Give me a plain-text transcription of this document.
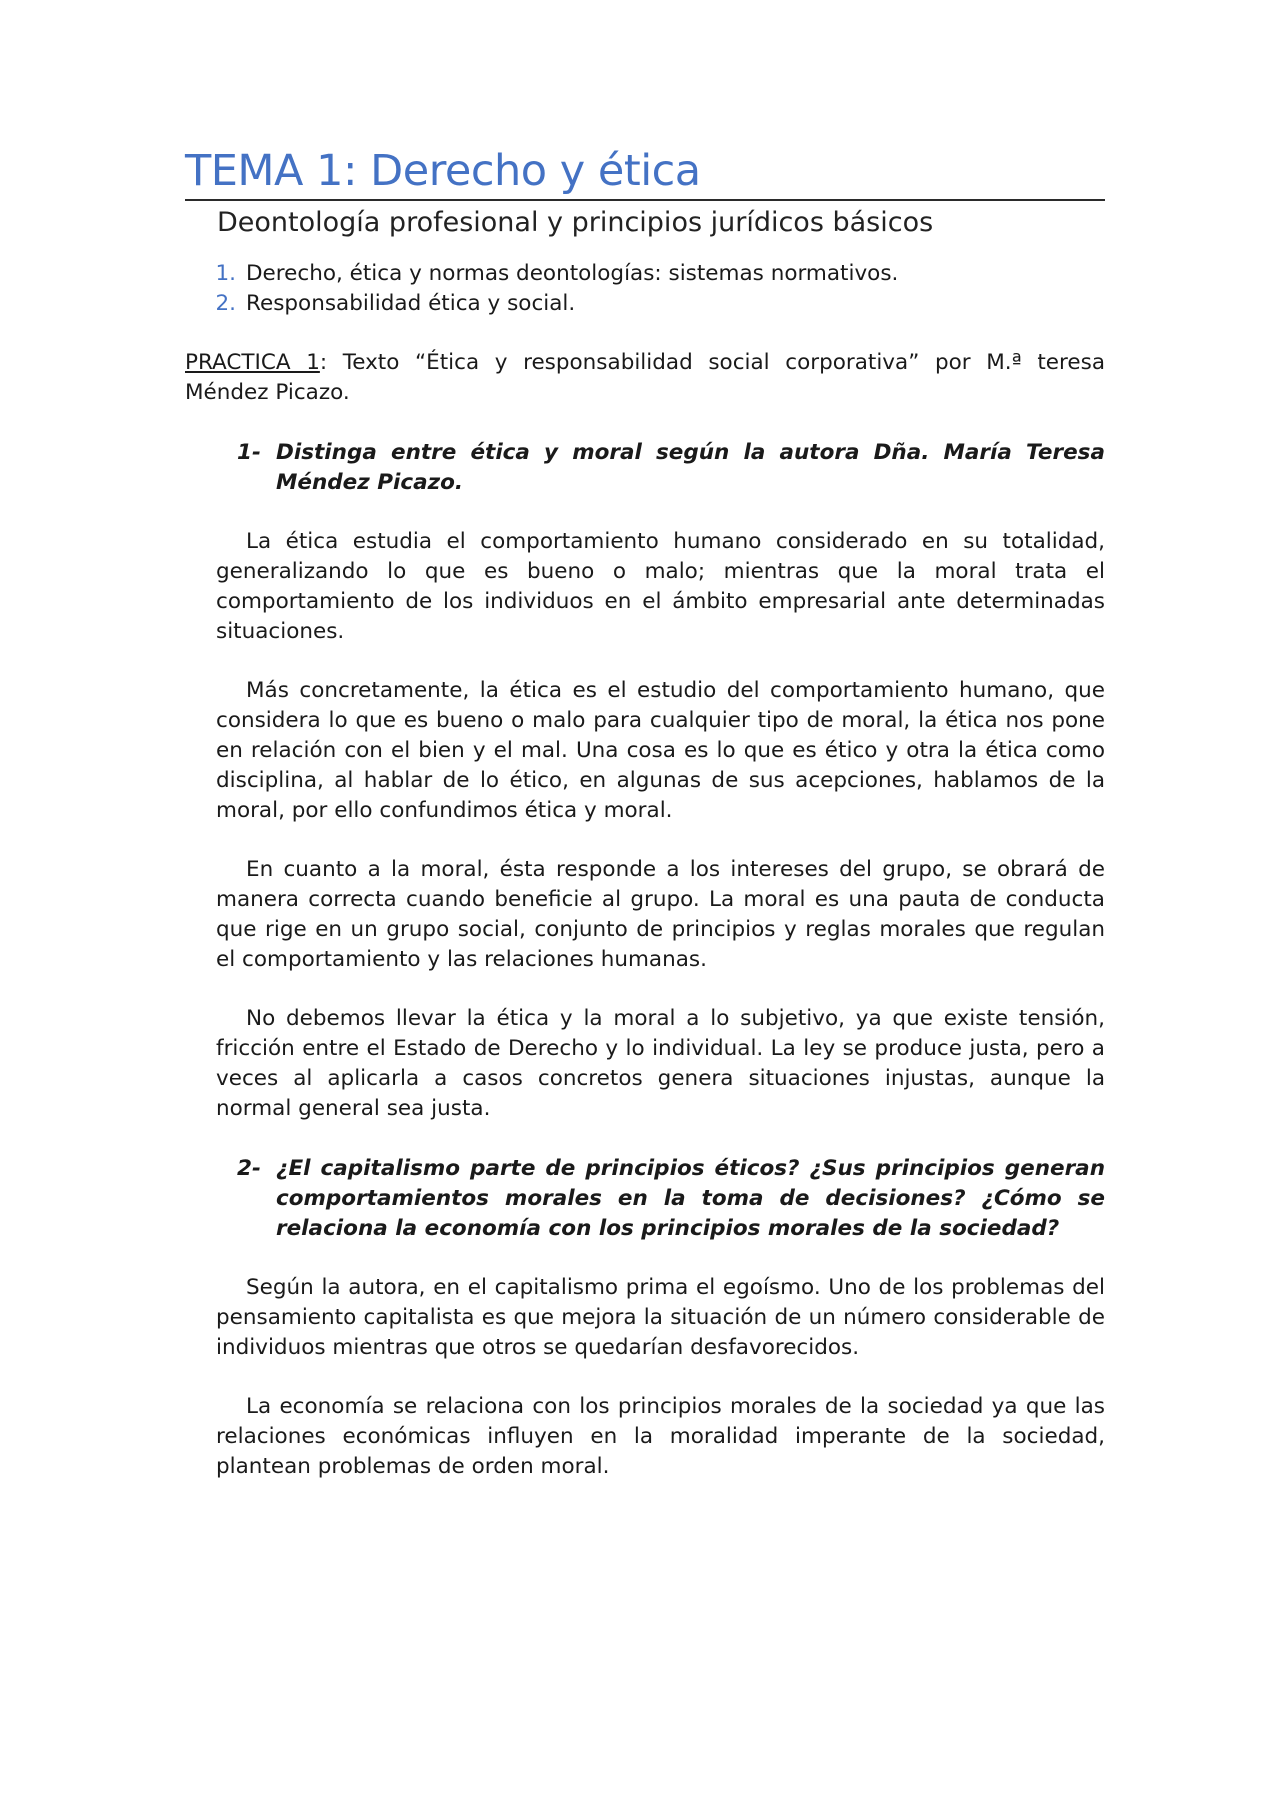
TEMA 1: Derecho y ética
Deontología profesional y principios jurídicos básicos
1. Derecho, ética y normas deontologías: sistemas normativos.
2. Responsabilidad ética y social.

PRACTICA 1: Texto “Ética y responsabilidad social corporativa” por M.ª teresa Méndez Picazo.

1- Distinga entre ética y moral según la autora Dña. María Teresa Méndez Picazo.

La ética estudia el comportamiento humano considerado en su totalidad, generalizando lo que es bueno o malo; mientras que la moral trata el comportamiento de los individuos en el ámbito empresarial ante determinadas situaciones.

Más concretamente, la ética es el estudio del comportamiento humano, que considera lo que es bueno o malo para cualquier tipo de moral, la ética nos pone en relación con el bien y el mal. Una cosa es lo que es ético y otra la ética como disciplina, al hablar de lo ético, en algunas de sus acepciones, hablamos de la moral, por ello confundimos ética y moral.

En cuanto a la moral, ésta responde a los intereses del grupo, se obrará de manera correcta cuando beneficie al grupo. La moral es una pauta de conducta que rige en un grupo social, conjunto de principios y reglas morales que regulan el comportamiento y las relaciones humanas.

No debemos llevar la ética y la moral a lo subjetivo, ya que existe tensión, fricción entre el Estado de Derecho y lo individual. La ley se produce justa, pero a veces al aplicarla a casos concretos genera situaciones injustas, aunque la normal general sea justa.

2- ¿El capitalismo parte de principios éticos? ¿Sus principios generan comportamientos morales en la toma de decisiones? ¿Cómo se relaciona la economía con los principios morales de la sociedad?

Según la autora, en el capitalismo prima el egoísmo. Uno de los problemas del pensamiento capitalista es que mejora la situación de un número considerable de individuos mientras que otros se quedarían desfavorecidos.

La economía se relaciona con los principios morales de la sociedad ya que las relaciones económicas influyen en la moralidad imperante de la sociedad, plantean problemas de orden moral.
